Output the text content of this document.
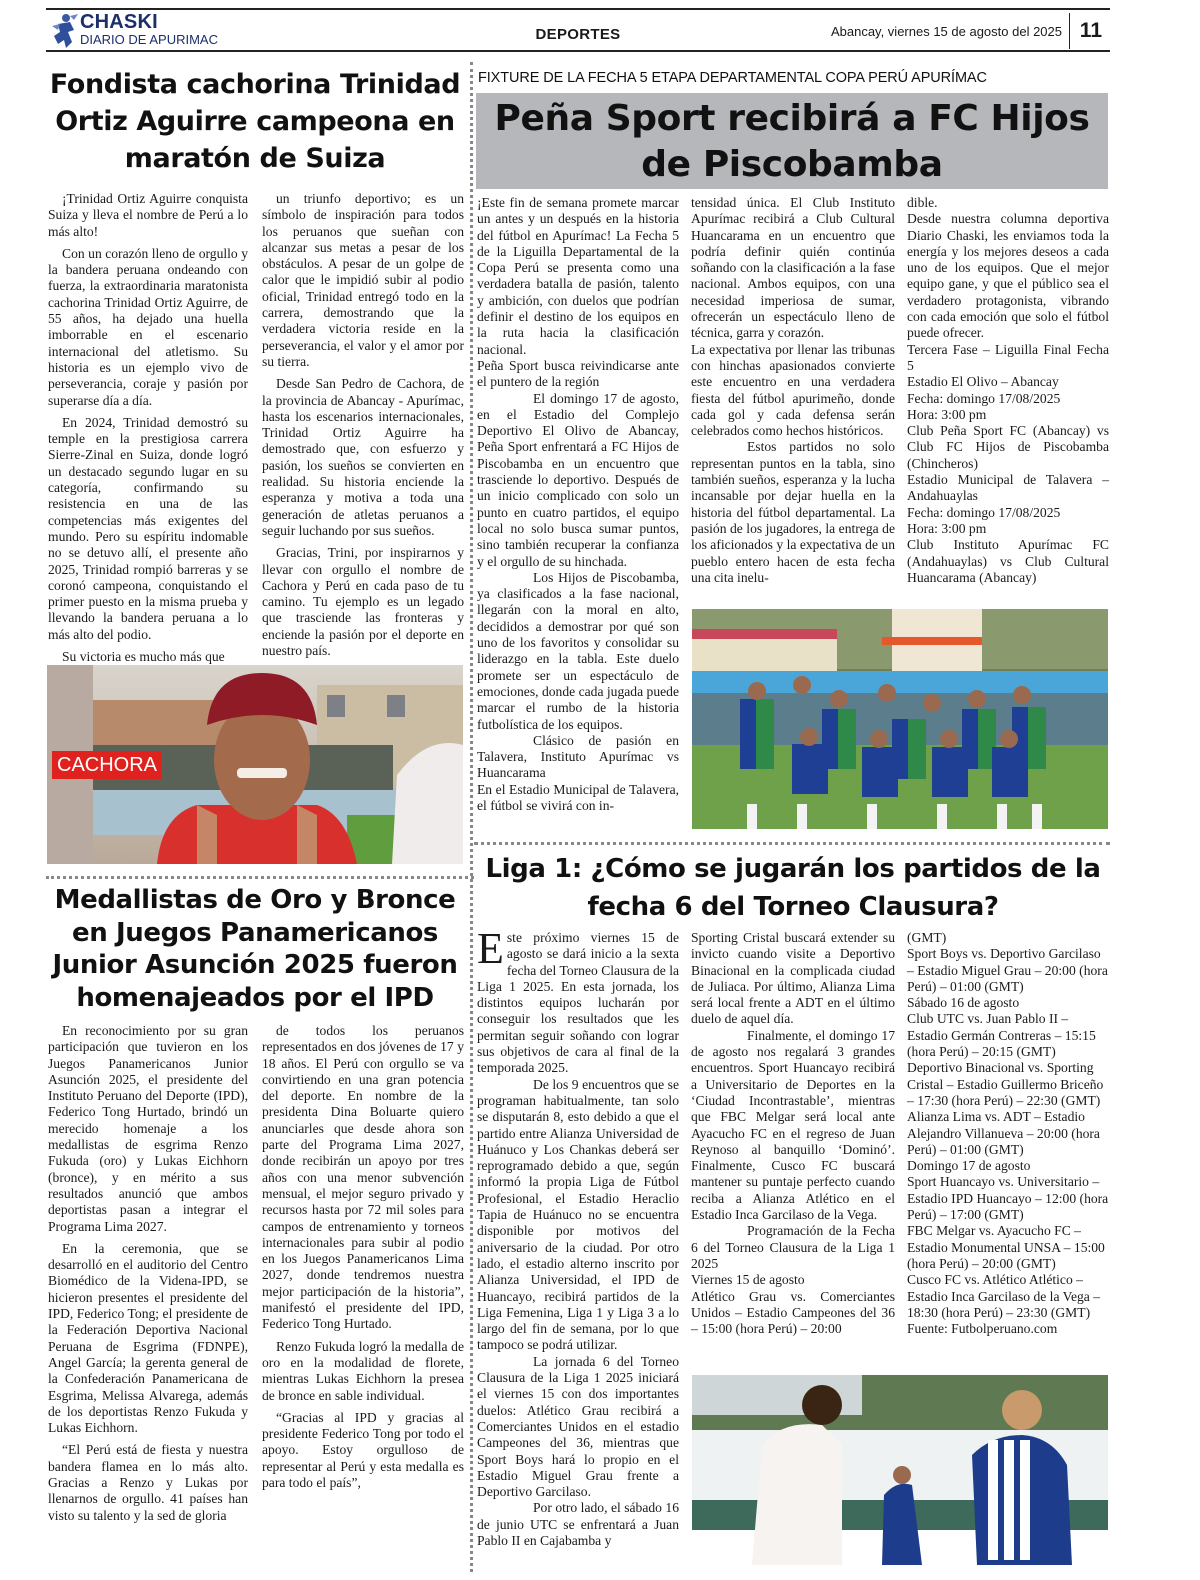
CHASKI
DIARIO DE APURIMAC	DEPORTES	Abancay, viernes 15 de agosto del 2025 11
Fondista cachorina Trinidad Ortiz Aguirre campeona en maratón de Suiza

¡Trinidad Ortiz Aguirre conquista Suiza y lleva el nombre de Perú a lo más alto!

Con un corazón lleno de orgullo y la bandera peruana ondeando con fuerza, la extraordinaria maratonista cachorina Trinidad Ortiz Aguirre, de 55 años, ha dejado una huella imborrable en el escenario internacional del atletismo. Su historia es un ejemplo vivo de perseverancia, coraje y pasión por superarse día a día.

En 2024, Trinidad demostró su temple en la prestigiosa carrera Sierre-Zinal en Suiza, donde logró un destacado segundo lugar en su categoría, confirmando su resistencia en una de las competencias más exigentes del mundo. Pero su espíritu indomable no se detuvo allí, el presente año 2025, Trinidad rompió barreras y se coronó campeona, conquistando el primer puesto en la misma prueba y llevando la bandera peruana a lo más alto del podio.

Su victoria es mucho más que

un triunfo deportivo; es un símbolo de inspiración para todos los peruanos que sueñan con alcanzar sus metas a pesar de los obstáculos. A pesar de un golpe de calor que le impidió subir al podio oficial, Trinidad entregó todo en la carrera, demostrando que la verdadera victoria reside en la perseverancia, el valor y el amor por su tierra.

Desde San Pedro de Cachora, de la provincia de Abancay - Apurímac, hasta los escenarios internacionales, Trinidad Ortiz Aguirre ha demostrado que, con esfuerzo y pasión, los sueños se convierten en realidad. Su historia enciende la esperanza y motiva a toda una generación de atletas peruanos a seguir luchando por sus sueños.

Gracias, Trini, por inspirarnos y llevar con orgullo el nombre de Cachora y Perú en cada paso de tu camino. Tu ejemplo es un legado que trasciende las fronteras y enciende la pasión por el deporte en nuestro país.

CACHORA
Medallistas de Oro y Bronce en Juegos Panamericanos Junior Asunción 2025 fueron homenajeados por el IPD

En reconocimiento por su gran participación que tuvieron en los Juegos Panamericanos Junior Asunción 2025, el presidente del Instituto Peruano del Deporte (IPD), Federico Tong Hurtado, brindó un merecido homenaje a los medallistas de esgrima Renzo Fukuda (oro) y Lukas Eichhorn (bronce), y en mérito a sus resultados anunció que ambos deportistas pasan a integrar el Programa Lima 2027.

En la ceremonia, que se desarrolló en el auditorio del Centro Biomédico de la Videna-IPD, se hicieron presentes el presidente del IPD, Federico Tong; el presidente de la Federación Deportiva Nacional Peruana de Esgrima (FDNPE), Angel García; la gerenta general de la Confederación Panamericana de Esgrima, Melissa Alvarega, además de los deportistas Renzo Fukuda y Lukas Eichhorn.

“El Perú está de fiesta y nuestra bandera flamea en lo más alto. Gracias a Renzo y Lukas por llenarnos de orgullo. 41 países han visto su talento y la sed de gloria

de todos los peruanos representados en dos jóvenes de 17 y 18 años. El Perú con orgullo se va convirtiendo en una gran potencia del deporte. En nombre de la presidenta Dina Boluarte quiero anunciarles que desde ahora son parte del Programa Lima 2027, donde recibirán un apoyo por tres años con una menor subvención mensual, el mejor seguro privado y recursos hasta por 72 mil soles para campos de entrenamiento y torneos internacionales para subir al podio en los Juegos Panamericanos Lima 2027, donde tendremos nuestra mejor participación de la historia”, manifestó el presidente del IPD, Federico Tong Hurtado.

Renzo Fukuda logró la medalla de oro en la modalidad de florete, mientras Lukas Eichhorn la presea de bronce en sable individual.

“Gracias al IPD y gracias al presidente Federico Tong por todo el apoyo. Estoy orgulloso de representar al Perú y esta medalla es para todo el país”,

FIXTURE DE LA FECHA 5 ETAPA DEPARTAMENTAL COPA PERÚ APURÍMAC
Peña Sport recibirá a FC Hijos de Piscobamba

¡Este fin de semana promete marcar un antes y un después en la historia del fútbol en Apurímac! La Fecha 5 de la Liguilla Departamental de la Copa Perú se presenta como una verdadera batalla de pasión, talento y ambición, con duelos que podrían definir el destino de los equipos en la ruta hacia la clasificación nacional.

Peña Sport busca reivindicarse ante el puntero de la región

El domingo 17 de agosto, en el Estadio del Complejo Deportivo El Olivo de Abancay, Peña Sport enfrentará a FC Hijos de Piscobamba en un encuentro que trasciende lo deportivo. Después de un inicio complicado con solo un punto en cuatro partidos, el equipo local no solo busca sumar puntos, sino también recuperar la confianza y el orgullo de su hinchada.

Los Hijos de Piscobamba, ya clasificados a la fase nacional, llegarán con la moral en alto, decididos a demostrar por qué son uno de los favoritos y consolidar su liderazgo en la tabla. Este duelo promete ser un espectáculo de emociones, donde cada jugada puede marcar el rumbo de la historia futbolística de los equipos.

Clásico de pasión en Talavera, Instituto Apurímac vs Huancarama

En el Estadio Municipal de Talavera, el fútbol se vivirá con in-

tensidad única. El Club Instituto Apurímac recibirá a Club Cultural Huancarama en un encuentro que podría definir quién continúa soñando con la clasificación a la fase nacional. Ambos equipos, con una necesidad imperiosa de sumar, ofrecerán un espectáculo lleno de técnica, garra y corazón.

La expectativa por llenar las tribunas con hinchas apasionados convierte este encuentro en una verdadera fiesta del fútbol apurimeño, donde cada gol y cada defensa serán celebrados como hechos históricos.

Estos partidos no solo representan puntos en la tabla, sino también sueños, esperanza y la lucha incansable por dejar huella en la historia del fútbol departamental. La pasión de los jugadores, la entrega de los aficionados y la expectativa de un pueblo entero hacen de esta fecha una cita inelu-

dible.

Desde nuestra columna deportiva Diario Chaski, les enviamos toda la energía y los mejores deseos a cada uno de los equipos. Que el mejor equipo gane, y que el público sea el verdadero protagonista, vibrando con cada emoción que solo el fútbol puede ofrecer.

Tercera Fase – Liguilla Final Fecha 5

Estadio El Olivo – Abancay

Fecha: domingo 17/08/2025

Hora: 3:00 pm

Club Peña Sport FC (Abancay) vs Club FC Hijos de Piscobamba (Chincheros)

Estadio Municipal de Talavera – Andahuaylas

Fecha: domingo 17/08/2025

Hora: 3:00 pm

Club Instituto Apurímac FC (Andahuaylas) vs Club Cultural Huancarama (Abancay)

Liga 1: ¿Cómo se jugarán los partidos de la fecha 6 del Torneo Clausura?

Este próximo viernes 15 de agosto se dará inicio a la sexta fecha del Torneo Clausura de la Liga 1 2025. En esta jornada, los distintos equipos lucharán por conseguir los resultados que les permitan seguir soñando con lograr sus objetivos de cara al final de la temporada 2025.

De los 9 encuentros que se programan habitualmente, tan solo se disputarán 8, esto debido a que el partido entre Alianza Universidad de Huánuco y Los Chankas deberá ser reprogramado debido a que, según informó la propia Liga de Fútbol Profesional, el Estadio Heraclio Tapia de Huánuco no se encuentra disponible por motivos del aniversario de la ciudad. Por otro lado, el estadio alterno inscrito por Alianza Universidad, el IPD de Huancayo, recibirá partidos de la Liga Femenina, Liga 1 y Liga 3 a lo largo del fin de semana, por lo que tampoco se podrá utilizar.

La jornada 6 del Torneo Clausura de la Liga 1 2025 iniciará el viernes 15 con dos importantes duelos: Atlético Grau recibirá a Comerciantes Unidos en el estadio Campeones del 36, mientras que Sport Boys hará lo propio en el Estadio Miguel Grau frente a Deportivo Garcilaso.

Por otro lado, el sábado 16 de junio UTC se enfrentará a Juan Pablo II en Cajabamba y

Sporting Cristal buscará extender su invicto cuando visite a Deportivo Binacional en la complicada ciudad de Juliaca. Por último, Alianza Lima será local frente a ADT en el último duelo de aquel día.

Finalmente, el domingo 17 de agosto nos regalará 3 grandes encuentros. Sport Huancayo recibirá a Universitario de Deportes en la ‘Ciudad Incontrastable’, mientras que FBC Melgar será local ante Ayacucho FC en el regreso de Juan Reynoso al banquillo ‘Dominó’. Finalmente, Cusco FC buscará mantener su puntaje perfecto cuando reciba a Alianza Atlético en el Estadio Inca Garcilaso de la Vega.

Programación de la Fecha 6 del Torneo Clausura de la Liga 1 2025

Viernes 15 de agosto

Atlético Grau vs. Comerciantes Unidos – Estadio Campeones del 36 – 15:00 (hora Perú) – 20:00

(GMT)

Sport Boys vs. Deportivo Garcilaso – Estadio Miguel Grau – 20:00 (hora Perú) – 01:00 (GMT)

Sábado 16 de agosto

Club UTC vs. Juan Pablo II – Estadio Germán Contreras – 15:15 (hora Perú) – 20:15 (GMT)

Deportivo Binacional vs. Sporting Cristal – Estadio Guillermo Briceño – 17:30 (hora Perú) – 22:30 (GMT)

Alianza Lima vs. ADT – Estadio Alejandro Villanueva – 20:00 (hora Perú) – 01:00 (GMT)

Domingo 17 de agosto

Sport Huancayo vs. Universitario – Estadio IPD Huancayo – 12:00 (hora Perú) – 17:00 (GMT)

FBC Melgar vs. Ayacucho FC – Estadio Monumental UNSA – 15:00 (hora Perú) – 20:00 (GMT)

Cusco FC vs. Atlético Atlético – Estadio Inca Garcilaso de la Vega – 18:30 (hora Perú) – 23:30 (GMT)

Fuente: Futbolperuano.com
